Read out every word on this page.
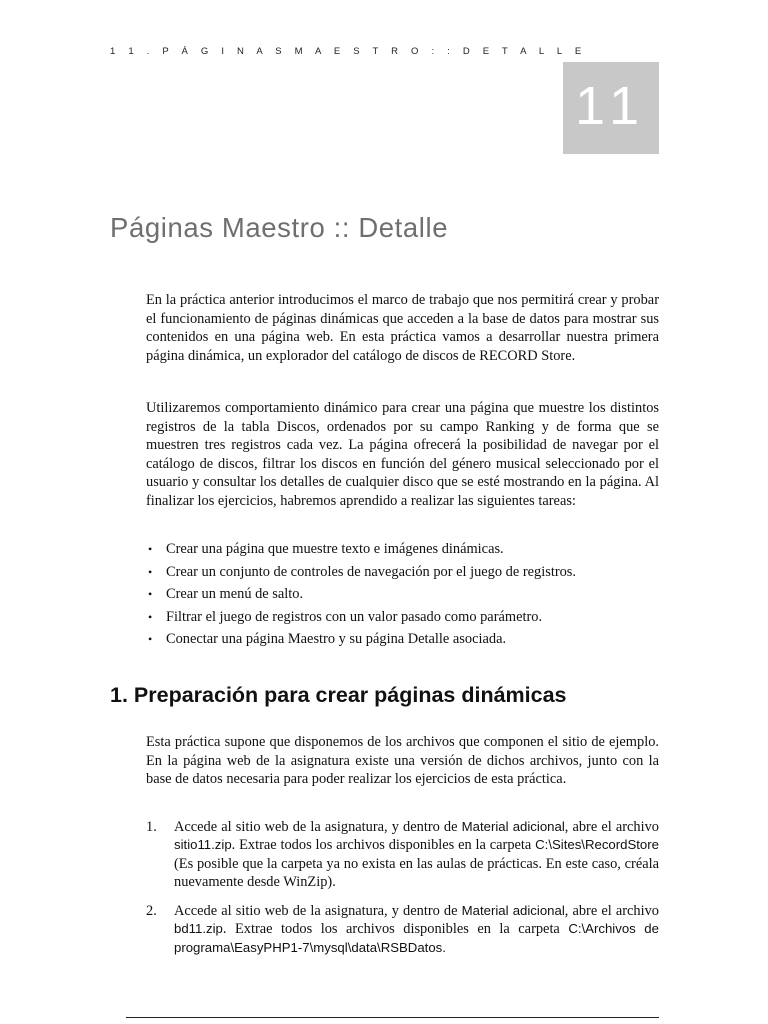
1 1 . P Á G I N A S M A E S T R O : : D E T A L L E
11
Páginas Maestro :: Detalle

En la práctica anterior introducimos el marco de trabajo que nos permitirá crear y probar el funcionamiento de páginas dinámicas que acceden a la base de datos para mostrar sus contenidos en una página web. En esta práctica vamos a desarrollar nuestra primera página dinámica, un explorador del catálogo de discos de RECORD Store.

Utilizaremos comportamiento dinámico para crear una página que muestre los distintos registros de la tabla Discos, ordenados por su campo Ranking y de forma que se muestren tres registros cada vez. La página ofrecerá la posibilidad de navegar por el catálogo de discos, filtrar los discos en función del género musical seleccionado por el usuario y consultar los detalles de cualquier disco que se esté mostrando en la página. Al finalizar los ejercicios, habremos aprendido a realizar las siguientes tareas:

• Crear una página que muestre texto e imágenes dinámicas.
• Crear un conjunto de controles de navegación por el juego de registros.
• Crear un menú de salto.
• Filtrar el juego de registros con un valor pasado como parámetro.
• Conectar una página Maestro y su página Detalle asociada.
1. Preparación para crear páginas dinámicas

Esta práctica supone que disponemos de los archivos que componen el sitio de ejemplo. En la página web de la asignatura existe una versión de dichos archivos, junto con la base de datos necesaria para poder realizar los ejercicios de esta práctica.

1. Accede al sitio web de la asignatura, y dentro de Material adicional, abre el archivo sitio11.zip. Extrae todos los archivos disponibles en la carpeta C:\Sites\RecordStore (Es posible que la carpeta ya no exista en las aulas de prácticas. En este caso, créala nuevamente desde WinZip).
2. Accede al sitio web de la asignatura, y dentro de Material adicional, abre el archivo bd11.zip. Extrae todos los archivos disponibles en la carpeta C:\Archivos de programa\EasyPHP1-7\mysql\data\RSBDatos.
